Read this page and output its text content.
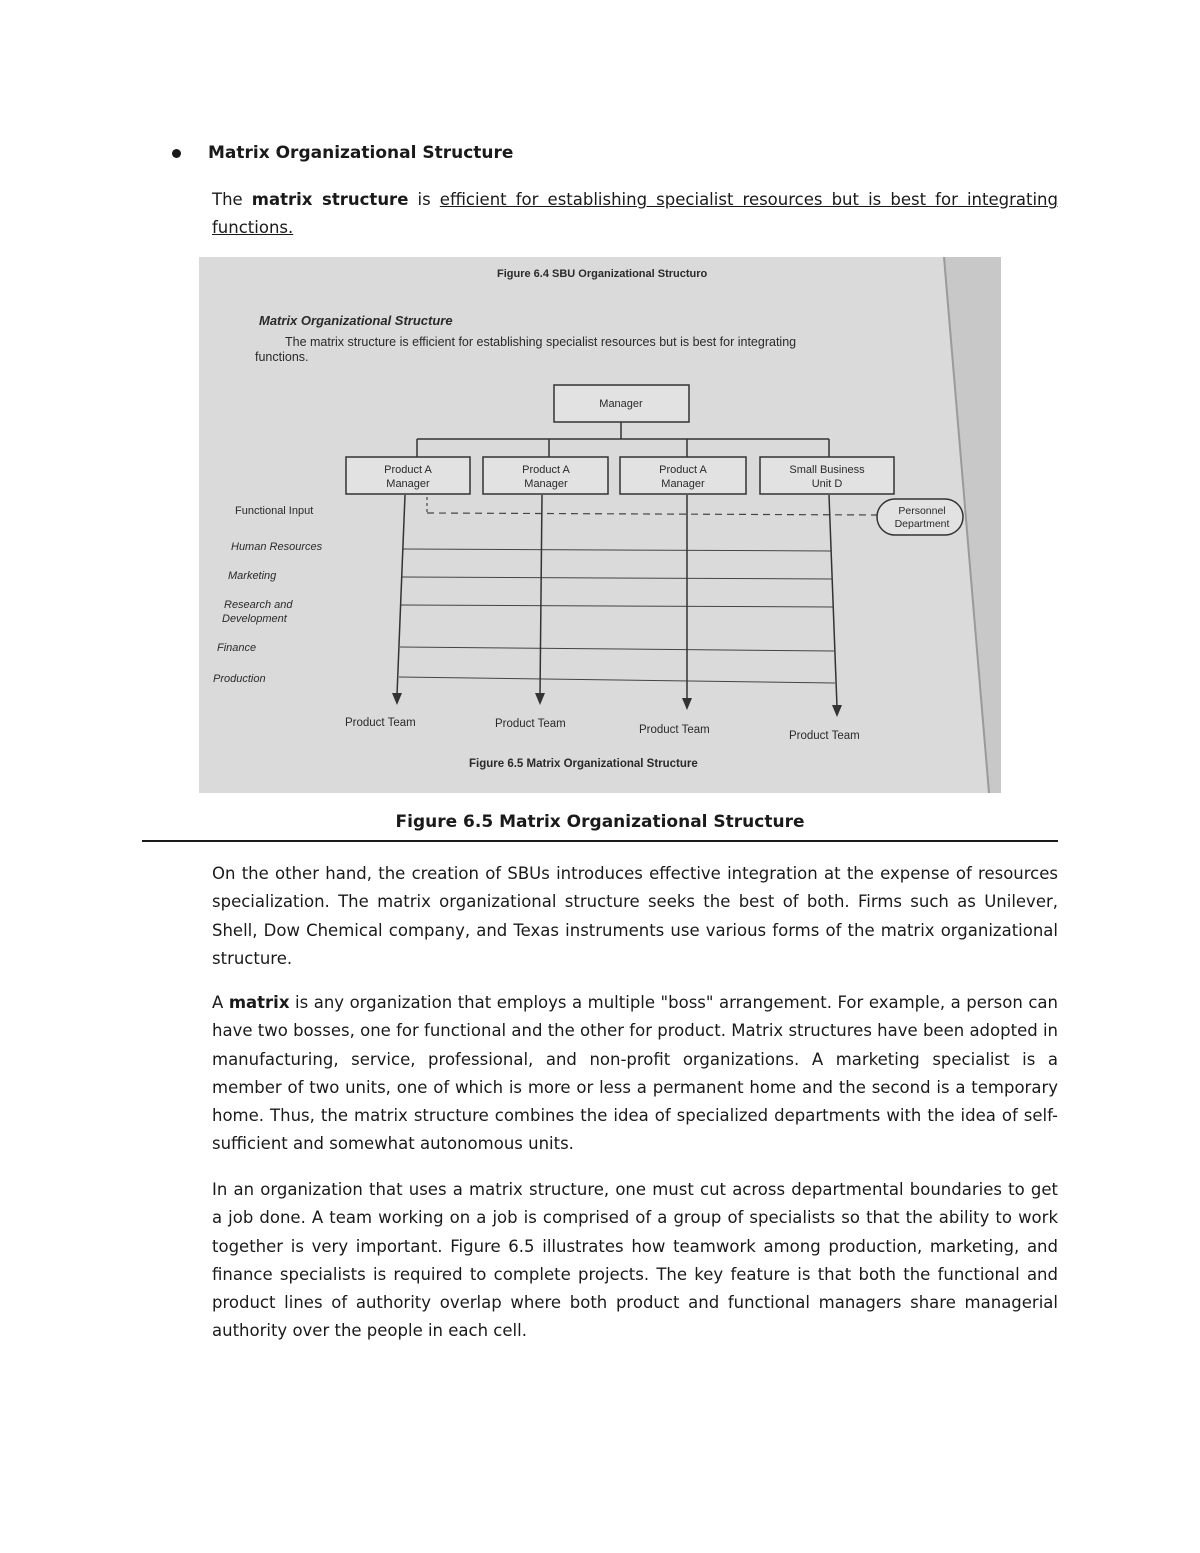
Matrix Organizational Structure
The matrix structure is efficient for establishing specialist resources but is best for integrating functions.
Figure 6.4 SBU Organizational Structuro
Matrix Organizational Structure
The matrix structure is efficient for establishing specialist resources but is best for integrating
functions.
Manager
Product A
Manager
Product A
Manager
Product A
Manager
Small Business
Unit D
Functional Input	Personnel
Department
Human Resources
Marketing
Research and
Development
Finance
Production
Product Team	Product Team	Product Team	Product Team
Figure 6.5 Matrix Organizational Structure
Figure 6.5 Matrix Organizational Structure
On the other hand, the creation of SBUs introduces effective integration at the expense of resources specialization. The matrix organizational structure seeks the best of both. Firms such as Unilever, Shell, Dow Chemical company, and Texas instruments use various forms of the matrix organizational structure.
A matrix is any organization that employs a multiple "boss" arrangement. For example, a person can have two bosses, one for functional and the other for product. Matrix structures have been adopted in manufacturing, service, professional, and non-profit organizations. A marketing specialist is a member of two units, one of which is more or less a permanent home and the second is a temporary home. Thus, the matrix structure combines the idea of specialized departments with the idea of self-sufficient and somewhat autonomous units.
In an organization that uses a matrix structure, one must cut across departmental boundaries to get a job done. A team working on a job is comprised of a group of specialists so that the ability to work together is very important. Figure 6.5 illustrates how teamwork among production, marketing, and finance specialists is required to complete projects. The key feature is that both the functional and product lines of authority overlap where both product and functional managers share managerial authority over the people in each cell.
